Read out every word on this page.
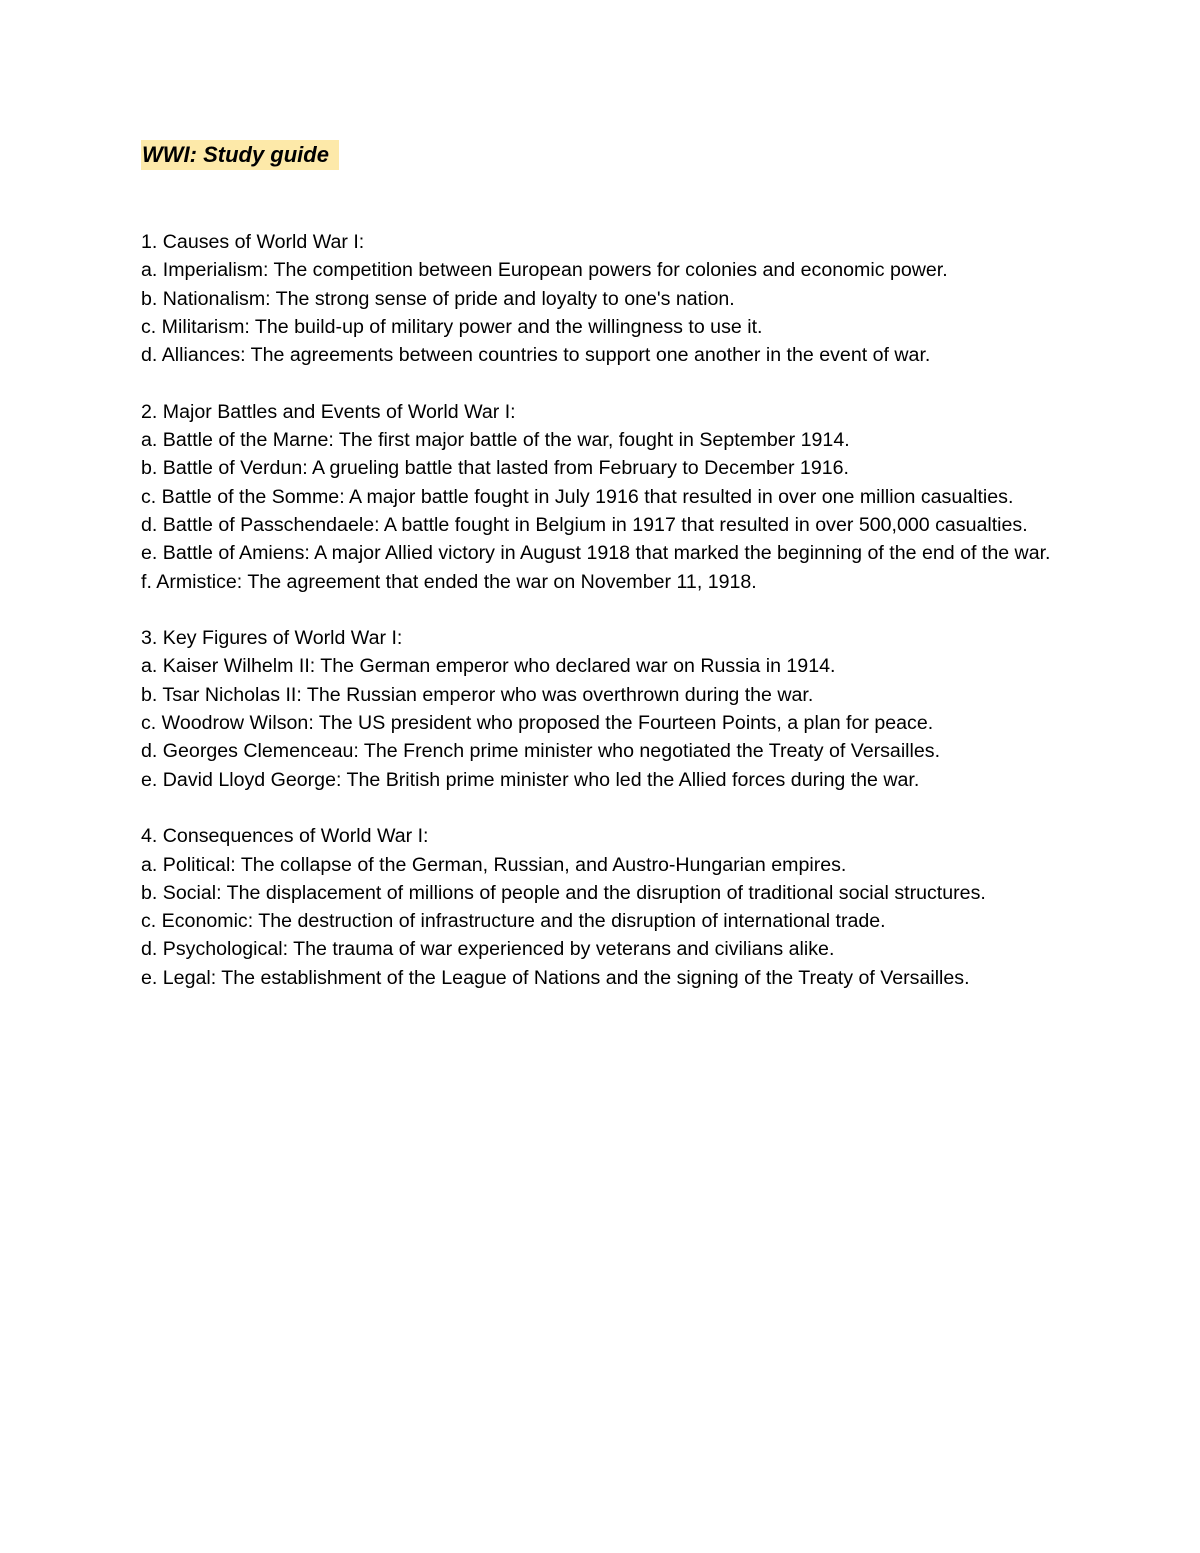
WWI: Study guide

1. Causes of World War I:

a. Imperialism: The competition between European powers for colonies and economic power.

b. Nationalism: The strong sense of pride and loyalty to one's nation.

c. Militarism: The build-up of military power and the willingness to use it.

d. Alliances: The agreements between countries to support one another in the event of war.

2. Major Battles and Events of World War I:

a. Battle of the Marne: The first major battle of the war, fought in September 1914.

b. Battle of Verdun: A grueling battle that lasted from February to December 1916.

c. Battle of the Somme: A major battle fought in July 1916 that resulted in over one million casualties.

d. Battle of Passchendaele: A battle fought in Belgium in 1917 that resulted in over 500,000 casualties.

e. Battle of Amiens: A major Allied victory in August 1918 that marked the beginning of the end of the war.

f. Armistice: The agreement that ended the war on November 11, 1918.

3. Key Figures of World War I:

a. Kaiser Wilhelm II: The German emperor who declared war on Russia in 1914.

b. Tsar Nicholas II: The Russian emperor who was overthrown during the war.

c. Woodrow Wilson: The US president who proposed the Fourteen Points, a plan for peace.

d. Georges Clemenceau: The French prime minister who negotiated the Treaty of Versailles.

e. David Lloyd George: The British prime minister who led the Allied forces during the war.

4. Consequences of World War I:

a. Political: The collapse of the German, Russian, and Austro-Hungarian empires.

b. Social: The displacement of millions of people and the disruption of traditional social structures.

c. Economic: The destruction of infrastructure and the disruption of international trade.

d. Psychological: The trauma of war experienced by veterans and civilians alike.

e. Legal: The establishment of the League of Nations and the signing of the Treaty of Versailles.
